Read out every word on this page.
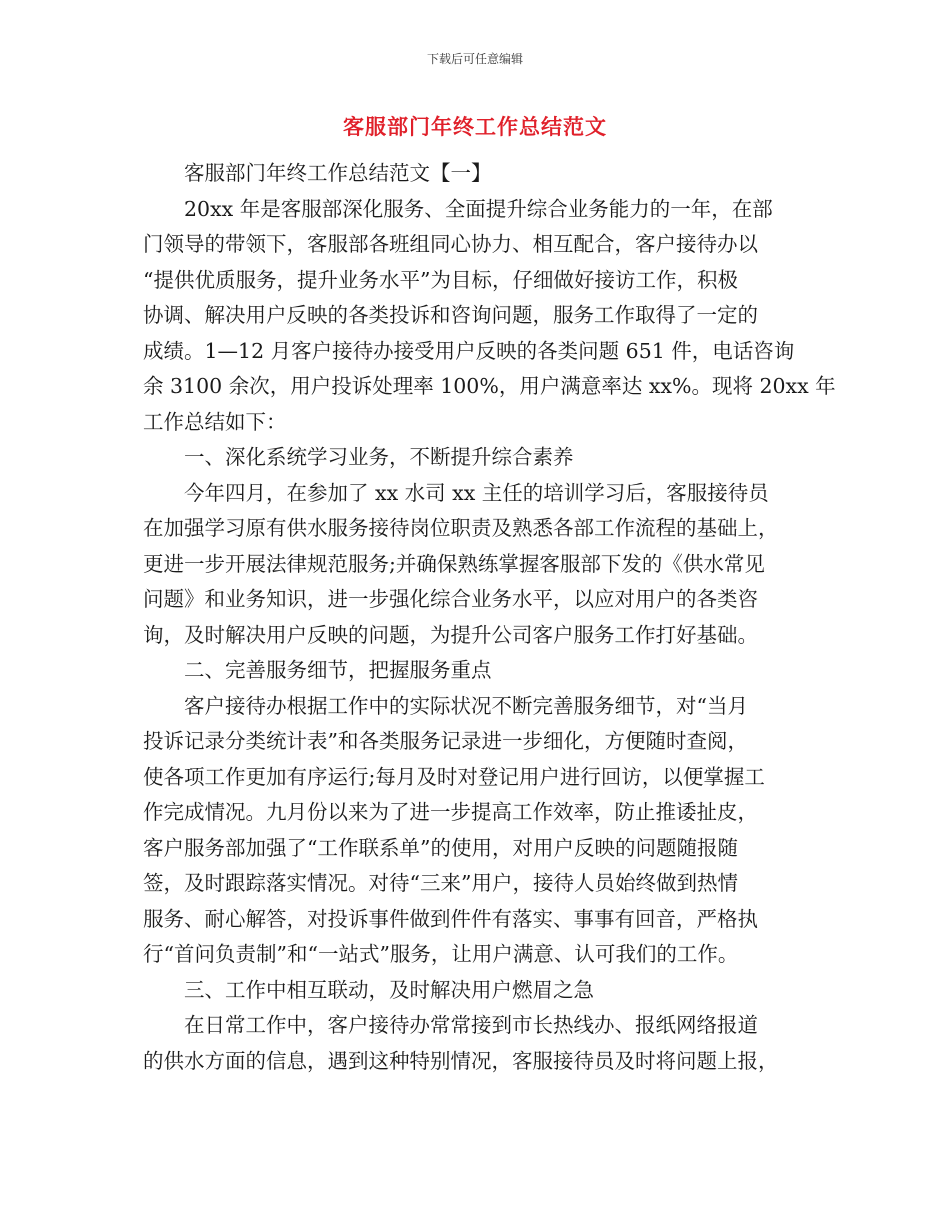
下载后可任意编辑
客服部门年终工作总结范文

客服部门年终工作总结范文【一】

20xx 年是客服部深化服务、全面提升综合业务能力的一年，在部

门领导的带领下，客服部各班组同心协力、相互配合，客户接待办以

“提供优质服务，提升业务水平”为目标，仔细做好接访工作，积极

协调、解决用户反映的各类投诉和咨询问题，服务工作取得了一定的

成绩。1—12 月客户接待办接受用户反映的各类问题 651 件，电话咨询

余 3100 余次，用户投诉处理率 100%，用户满意率达 xx%。现将 20xx 年

工作总结如下：

一、深化系统学习业务，不断提升综合素养

今年四月，在参加了 xx 水司 xx 主任的培训学习后，客服接待员

在加强学习原有供水服务接待岗位职责及熟悉各部工作流程的基础上，

更进一步开展法律规范服务;并确保熟练掌握客服部下发的《供水常见

问题》和业务知识，进一步强化综合业务水平，以应对用户的各类咨

询，及时解决用户反映的问题，为提升公司客户服务工作打好基础。

二、完善服务细节，把握服务重点

客户接待办根据工作中的实际状况不断完善服务细节，对“当月

投诉记录分类统计表”和各类服务记录进一步细化，方便随时查阅，

使各项工作更加有序运行;每月及时对登记用户进行回访，以便掌握工

作完成情况。九月份以来为了进一步提高工作效率，防止推诿扯皮，

客户服务部加强了“工作联系单”的使用，对用户反映的问题随报随

签，及时跟踪落实情况。对待“三来”用户，接待人员始终做到热情

服务、耐心解答，对投诉事件做到件件有落实、事事有回音，严格执

行“首问负责制”和“一站式”服务，让用户满意、认可我们的工作。

三、工作中相互联动，及时解决用户燃眉之急

在日常工作中，客户接待办常常接到市长热线办、报纸网络报道

的供水方面的信息，遇到这种特别情况，客服接待员及时将问题上报，
